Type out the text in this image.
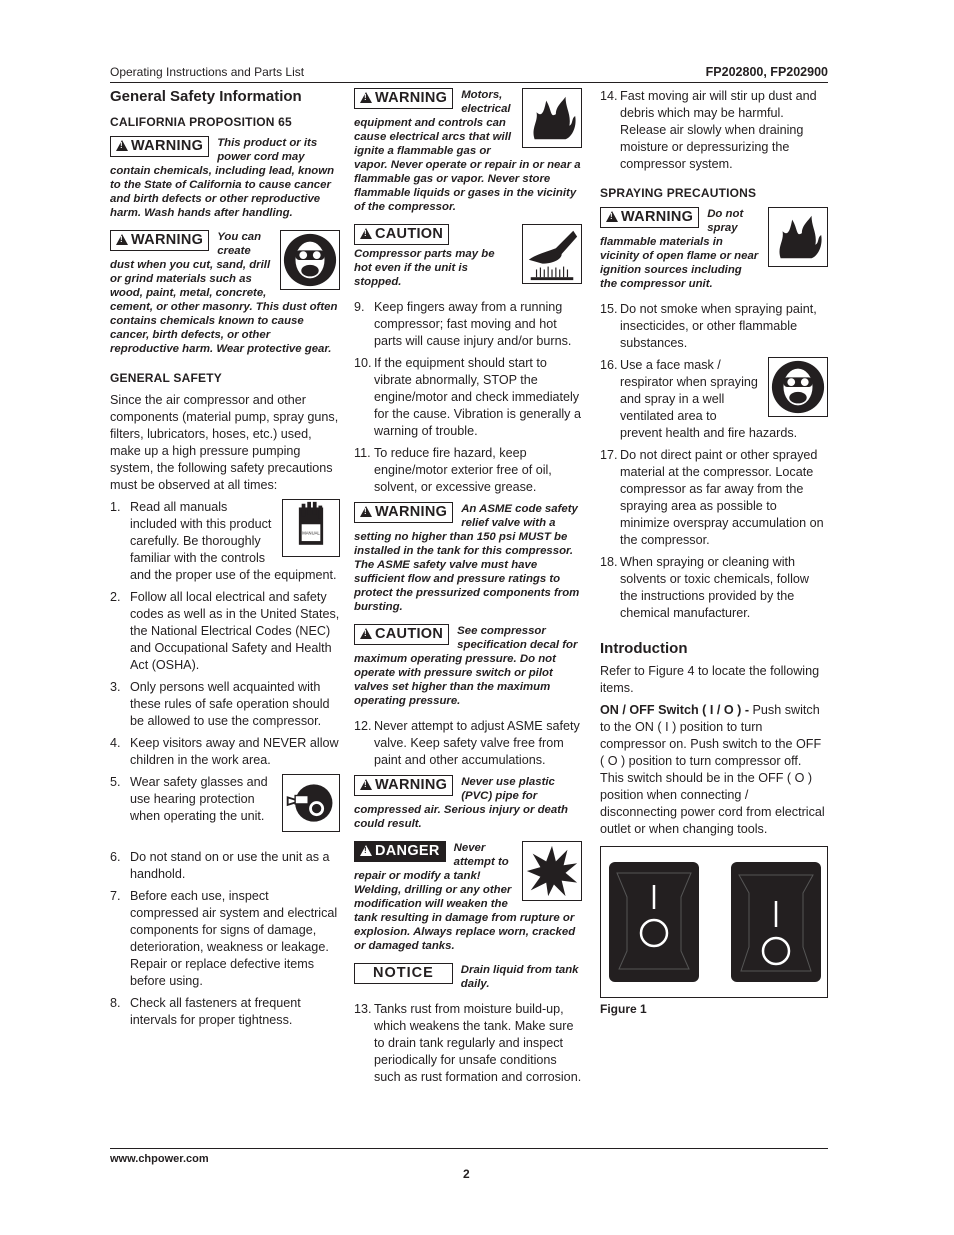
Operating Instructions and Parts List	FP202800, FP202900
General Safety Information
CALIFORNIA PROPOSITION 65
!WARNING	This product or its power cord may contain chemicals, including lead, known to the State of California to cause cancer and birth defects or other reproductive harm. Wash hands after handling.
!WARNING	You can create dust when you cut, sand, drill or grind materials such as wood, paint, metal, concrete, cement, or other masonry. This dust often contains chemicals known to cause cancer, birth defects, or other reproductive harm. Wear protective gear.
GENERAL SAFETY

Since the air compressor and other components (material pump, spray guns, filters, lubricators, hoses, etc.) used, make up a high pressure pumping system, the following safety precautions must be observed at all times:

MANUAL
1. Read all manuals included with this product carefully. Be thoroughly familiar with the controls and the proper use of the equipment.
2. Follow all local electrical and safety codes as well as in the United States, the National Electrical Codes (NEC) and Occupational Safety and Health Act (OSHA).
3. Only persons well acquainted with these rules of safe operation should be allowed to use the compressor.
4. Keep visitors away and NEVER allow children in the work area.
5. Wear safety glasses and use hearing protection when operating the unit.
6. Do not stand on or use the unit as a handhold.
7. Before each use, inspect compressed air system and electrical components for signs of damage, deterioration, weakness or leakage. Repair or replace defective items before using.
8. Check all fasteners at frequent intervals for proper tightness.
!WARNING	Motors, electrical equipment and controls can cause electrical arcs that will ignite a flammable gas or vapor. Never operate or repair in or near a flammable gas or vapor. Never store flammable liquids or gases in the vicinity of the compressor.
!CAUTION

Compressor parts may be hot even if the unit is stopped.
9. Keep fingers away from a running compressor; fast moving and hot parts will cause injury and/or burns.
10. If the equipment should start to vibrate abnormally, STOP the engine/motor and check immediately for the cause. Vibration is generally a warning of trouble.
11. To reduce fire hazard, keep engine/motor exterior free of oil, solvent, or excessive grease.
!WARNING	An ASME code safety relief valve with a setting no higher than 150 psi MUST be installed in the tank for this compressor. The ASME safety valve must have sufficient flow and pressure ratings to protect the pressurized components from bursting.
!CAUTION	See compressor specification decal for maximum operating pressure. Do not operate with pressure switch or pilot valves set higher than the maximum operating pressure.
12. Never attempt to adjust ASME safety valve. Keep safety valve free from paint and other accumulations.
!WARNING	Never use plastic (PVC) pipe for compressed air. Serious injury or death could result.
!DANGER	Never attempt to repair or modify a tank! Welding, drilling or any other modification will weaken the tank resulting in damage from rupture or explosion. Always replace worn, cracked or damaged tanks.
NOTICE	Drain liquid from tank daily.
13. Tanks rust from moisture build-up, which weakens the tank. Make sure to drain tank regularly and inspect periodically for unsafe conditions such as rust formation and corrosion.
14. Fast moving air will stir up dust and debris which may be harmful. Release air slowly when draining moisture or depressurizing the compressor system.
SPRAYING PRECAUTIONS
!WARNING	Do not spray flammable materials in vicinity of open flame or near ignition sources including the compressor unit.
15. Do not smoke when spraying paint, insecticides, or other flammable substances.
16. Use a face mask / respirator when spraying and spray in a well ventilated area to prevent health and fire hazards.
17. Do not direct paint or other sprayed material at the compressor. Locate compressor as far away from the spraying area as possible to minimize overspray accumulation on the compressor.
18. When spraying or cleaning with solvents or toxic chemicals, follow the instructions provided by the chemical manufacturer.
Introduction

Refer to Figure 4 to locate the following items.

ON / OFF Switch ( I / O ) - Push switch to the ON ( I ) position to turn compressor on. Push switch to the OFF ( O ) position to turn compressor off. This switch should be in the OFF ( O ) position when connecting / disconnecting power cord from electrical outlet or when changing tools.

Figure 1
www.chpower.com
2
